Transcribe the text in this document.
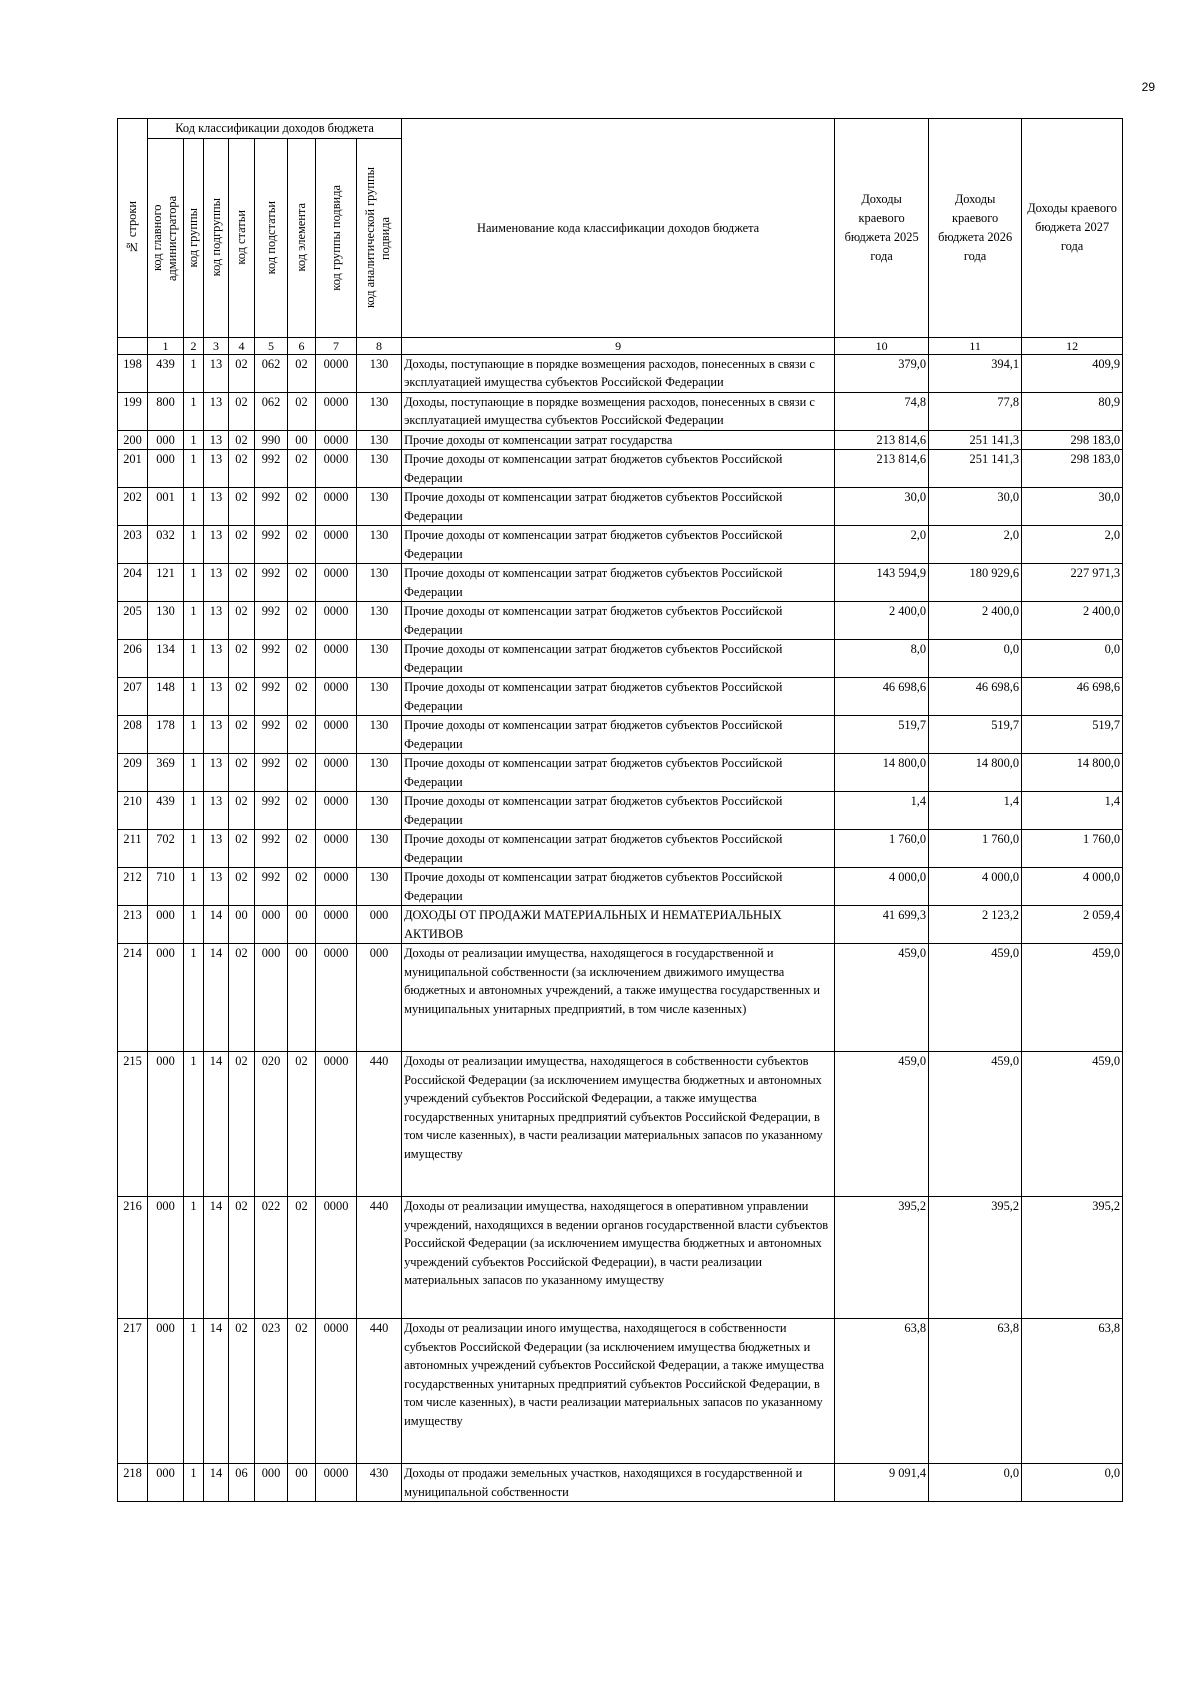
29
№ строки	Код классификации доходов бюджета								Наименование кода классификации доходов бюджета	Доходы краевого бюджета 2025 года	Доходы краевого бюджета 2026 года	Доходы краевого бюджета 2027 года

	код главного администратора	код группы	код подгруппы	код статьи	код подстатьи	код элемента	код группы подвида	код аналитической группы подвида				

	1	2	3	4	5	6	7	8	9	10	11	12
198	439	1	13	02	062	02	0000	130	Доходы, поступающие в порядке возмещения расходов, понесенных в связи с эксплуатацией имущества субъектов Российской Федерации	379,0	394,1	409,9
199	800	1	13	02	062	02	0000	130	Доходы, поступающие в порядке возмещения расходов, понесенных в связи с эксплуатацией имущества субъектов Российской Федерации	74,8	77,8	80,9
200	000	1	13	02	990	00	0000	130	Прочие доходы от компенсации затрат государства	213 814,6	251 141,3	298 183,0
201	000	1	13	02	992	02	0000	130	Прочие доходы от компенсации затрат бюджетов субъектов Российской Федерации	213 814,6	251 141,3	298 183,0
202	001	1	13	02	992	02	0000	130	Прочие доходы от компенсации затрат бюджетов субъектов Российской Федерации	30,0	30,0	30,0
203	032	1	13	02	992	02	0000	130	Прочие доходы от компенсации затрат бюджетов субъектов Российской Федерации	2,0	2,0	2,0
204	121	1	13	02	992	02	0000	130	Прочие доходы от компенсации затрат бюджетов субъектов Российской Федерации	143 594,9	180 929,6	227 971,3
205	130	1	13	02	992	02	0000	130	Прочие доходы от компенсации затрат бюджетов субъектов Российской Федерации	2 400,0	2 400,0	2 400,0
206	134	1	13	02	992	02	0000	130	Прочие доходы от компенсации затрат бюджетов субъектов Российской Федерации	8,0	0,0	0,0
207	148	1	13	02	992	02	0000	130	Прочие доходы от компенсации затрат бюджетов субъектов Российской Федерации	46 698,6	46 698,6	46 698,6
208	178	1	13	02	992	02	0000	130	Прочие доходы от компенсации затрат бюджетов субъектов Российской Федерации	519,7	519,7	519,7
209	369	1	13	02	992	02	0000	130	Прочие доходы от компенсации затрат бюджетов субъектов Российской Федерации	14 800,0	14 800,0	14 800,0
210	439	1	13	02	992	02	0000	130	Прочие доходы от компенсации затрат бюджетов субъектов Российской Федерации	1,4	1,4	1,4
211	702	1	13	02	992	02	0000	130	Прочие доходы от компенсации затрат бюджетов субъектов Российской Федерации	1 760,0	1 760,0	1 760,0
212	710	1	13	02	992	02	0000	130	Прочие доходы от компенсации затрат бюджетов субъектов Российской Федерации	4 000,0	4 000,0	4 000,0
213	000	1	14	00	000	00	0000	000	ДОХОДЫ ОТ ПРОДАЖИ МАТЕРИАЛЬНЫХ И НЕМАТЕРИАЛЬНЫХ АКТИВОВ	41 699,3	2 123,2	2 059,4
214	000	1	14	02	000	00	0000	000	Доходы от реализации имущества, находящегося в государственной и муниципальной собственности (за исключением движимого имущества бюджетных и автономных учреждений, а также имущества государственных и муниципальных унитарных предприятий, в том числе казенных)	459,0	459,0	459,0
215	000	1	14	02	020	02	0000	440	Доходы от реализации имущества, находящегося в собственности субъектов Российской Федерации (за исключением имущества бюджетных и автономных учреждений субъектов Российской Федерации, а также имущества государственных унитарных предприятий субъектов Российской Федерации, в том числе казенных), в части реализации материальных запасов по указанному имуществу	459,0	459,0	459,0
216	000	1	14	02	022	02	0000	440	Доходы от реализации имущества, находящегося в оперативном управлении учреждений, находящихся в ведении органов государственной власти субъектов Российской Федерации (за исключением имущества бюджетных и автономных учреждений субъектов Российской Федерации), в части реализации материальных запасов по указанному имуществу	395,2	395,2	395,2
217	000	1	14	02	023	02	0000	440	Доходы от реализации иного имущества, находящегося в собственности субъектов Российской Федерации (за исключением имущества бюджетных и автономных учреждений субъектов Российской Федерации, а также имущества государственных унитарных предприятий субъектов Российской Федерации, в том числе казенных), в части реализации материальных запасов по указанному имуществу	63,8	63,8	63,8
218	000	1	14	06	000	00	0000	430	Доходы от продажи земельных участков, находящихся в государственной и муниципальной собственности	9 091,4	0,0	0,0
